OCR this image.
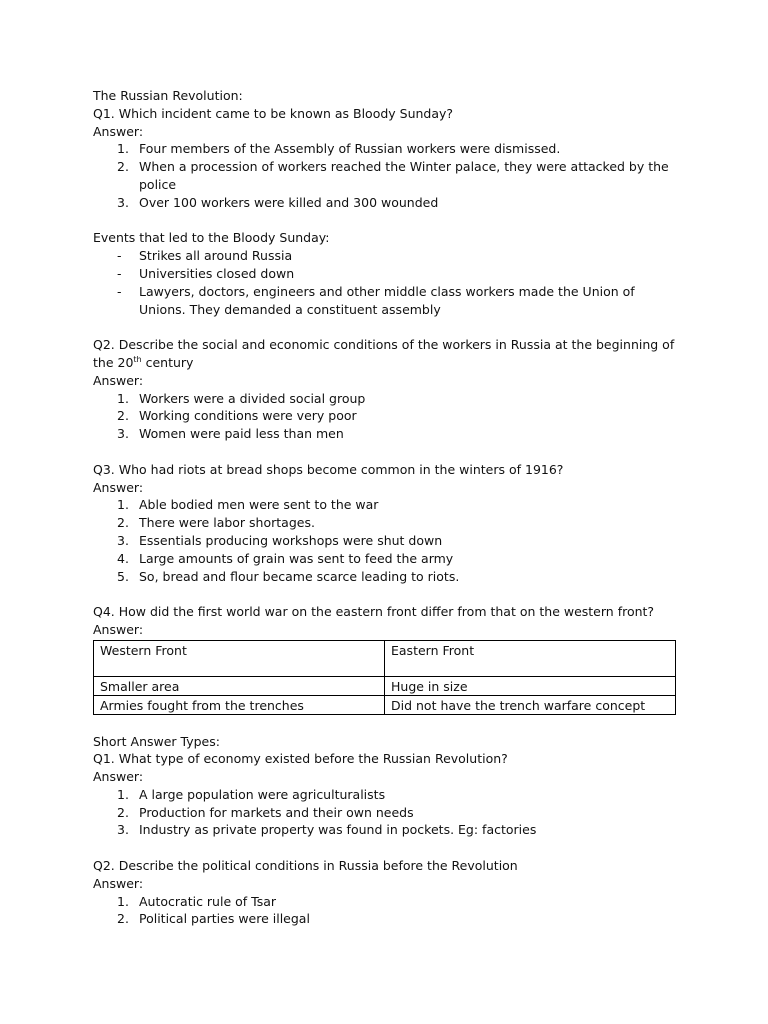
The Russian Revolution:
Q1. Which incident came to be known as Bloody Sunday?
Answer:
1. Four members of the Assembly of Russian workers were dismissed.
2. When a procession of workers reached the Winter palace, they were attacked by the police
3. Over 100 workers were killed and 300 wounded
Events that led to the Bloody Sunday:
- Strikes all around Russia
- Universities closed down
- Lawyers, doctors, engineers and other middle class workers made the Union of Unions. They demanded a constituent assembly
Q2. Describe the social and economic conditions of the workers in Russia at the beginning of the 20th century
Answer:
1. Workers were a divided social group
2. Working conditions were very poor
3. Women were paid less than men
Q3. Who had riots at bread shops become common in the winters of 1916?
Answer:
1. Able bodied men were sent to the war
2. There were labor shortages.
3. Essentials producing workshops were shut down
4. Large amounts of grain was sent to feed the army
5. So, bread and flour became scarce leading to riots.
Q4. How did the first world war on the eastern front differ from that on the western front?
Answer:
Western Front	Eastern Front
Smaller area	Huge in size
Armies fought from the trenches	Did not have the trench warfare concept
Short Answer Types:
Q1. What type of economy existed before the Russian Revolution?
Answer:
1. A large population were agriculturalists
2. Production for markets and their own needs
3. Industry as private property was found in pockets. Eg: factories
Q2. Describe the political conditions in Russia before the Revolution
Answer:
1. Autocratic rule of Tsar
2. Political parties were illegal
